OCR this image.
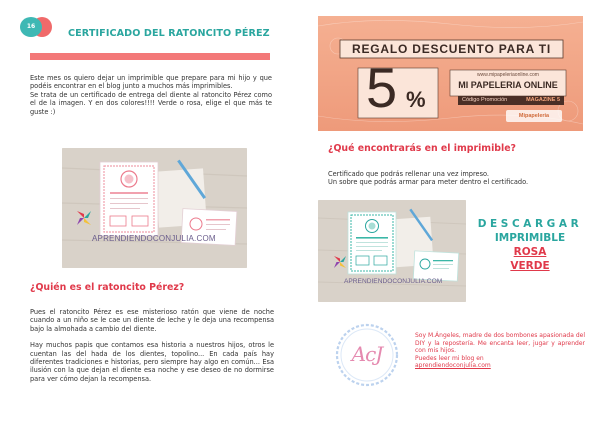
16
CERTIFICADO DEL RATONCITO PÉREZ

Este mes os quiero dejar un imprimible que prepare para mi hijo y que podéis encontrar en el blog junto a muchos más imprimibles.

Se trata de un certificado de entrega del diente al ratoncito Pérez como el de la imagen. Y en dos colores!!!! Verde o rosa, elige el que más te guste :)

APRENDIENDOCONJULIA.COM
¿Quién es el ratoncito Pérez?

Pues el ratoncito Pérez es ese misterioso ratón que viene de noche cuando a un niño se le cae un diente de leche y le deja una recompensa bajo la almohada a cambio del diente.

Hay muchos papis que contamos esa historia a nuestros hijos, otros le cuentan las del hada de los dientes, topolino... En cada país hay diferentes tradiciones e historias, pero siempre hay algo en común... Esa ilusión con la que dejan el diente esa noche y ese deseo de no dormirse para ver cómo dejan la recompensa.

REGALO DESCUENTO PARA TI
5 %
www.mipapeleriaonline.com
MI PAPELERIA ONLINE
Código Promoción	MAGAZINE 5
Mipapeleria
¿Qué encontrarás en el imprimible?
Certificado que podrás rellenar una vez impreso.
Un sobre que podrás armar para meter dentro el certificado.
APRENDIENDOCONJULIA.COM
DESCARGAR
IMPRIMIBLE
ROSA
VERDE
AcJ
Soy M.Ángeles, madre de dos bombones apasionada del DIY y la repostería. Me encanta leer, jugar y aprender con mis hijos.
Puedes leer mi blog en
aprendiendoconjulia.com
